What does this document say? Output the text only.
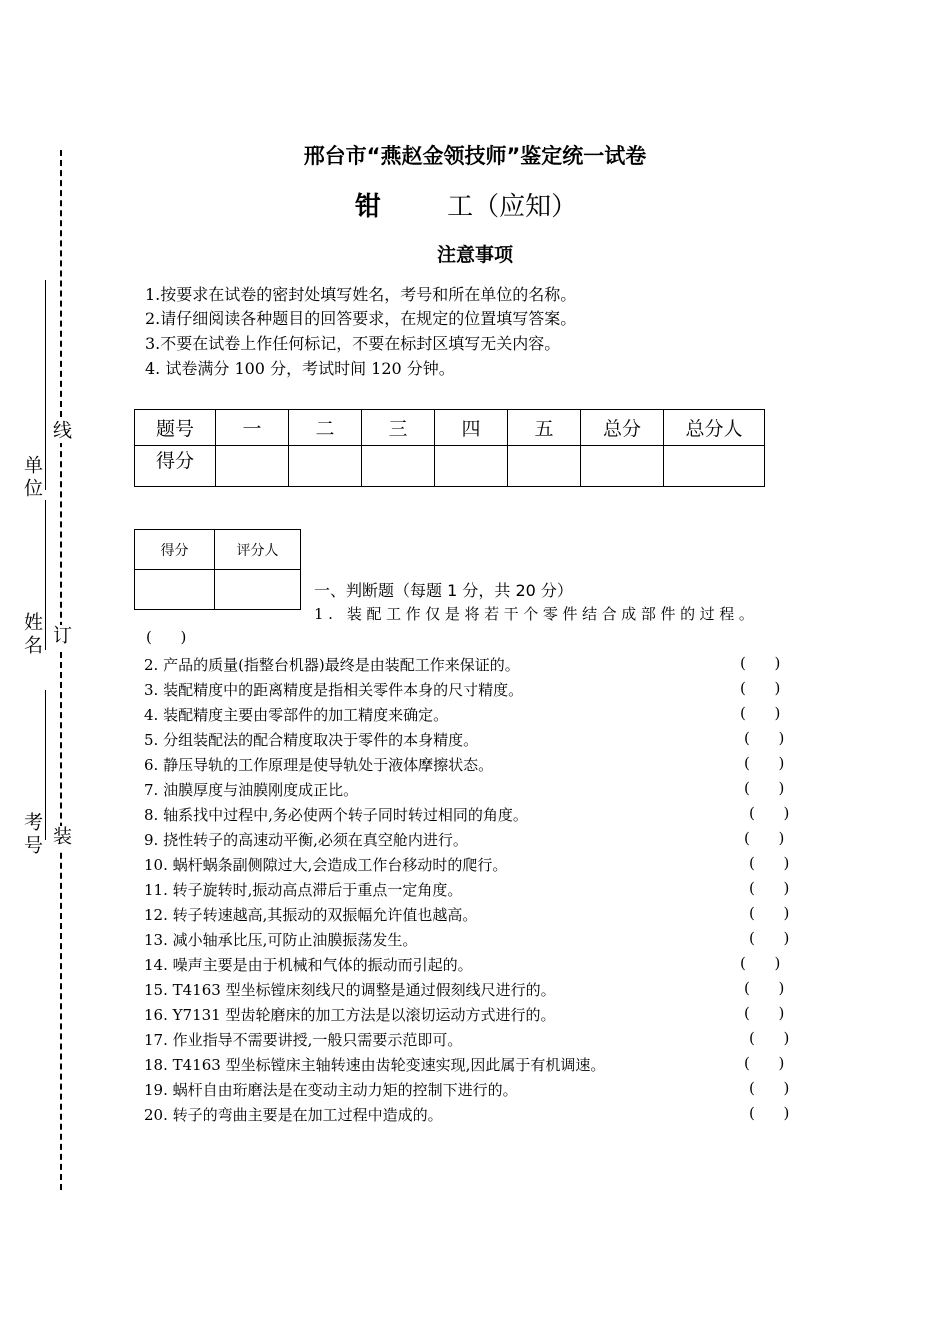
单位
姓名
考号
线
订
装
邢台市“燕赵金领技师”鉴定统一试卷
钳	工（应知）
注意事项
1.按要求在试卷的密封处填写姓名，考号和所在单位的名称。
2.请仔细阅读各种题目的回答要求，在规定的位置填写答案。
3.不要在试卷上作任何标记，不要在标封区填写无关内容。
4. 试卷满分 100 分，考试时间 120 分钟。
题号	一	二	三	四	五	总分	总分人
得分							
得分	评分人

一、判断题（每题 1 分，共 20 分）
1. 装配工作仅是将若干个零件结合成部件的过程。
(      )
2. 产品的质量(指整台机器)最终是由装配工作来保证的。	(      )
3. 装配精度中的距离精度是指相关零件本身的尺寸精度。	(      )
4. 装配精度主要由零部件的加工精度来确定。	(      )
5. 分组装配法的配合精度取决于零件的本身精度。	(      )
6. 静压导轨的工作原理是使导轨处于液体摩擦状态。	(      )
7. 油膜厚度与油膜刚度成正比。	(      )
8. 轴系找中过程中,务必使两个转子同时转过相同的角度。	(      )
9. 挠性转子的高速动平衡,必须在真空舱内进行。	(      )
10. 蜗杆蜗条副侧隙过大,会造成工作台移动时的爬行。	(      )
11. 转子旋转时,振动高点滞后于重点一定角度。	(      )
12. 转子转速越高,其振动的双振幅允许值也越高。	(      )
13. 减小轴承比压,可防止油膜振荡发生。	(      )
14. 噪声主要是由于机械和气体的振动而引起的。	(      )
15. T4163 型坐标镗床刻线尺的调整是通过假刻线尺进行的。	(      )
16. Y7131 型齿轮磨床的加工方法是以滚切运动方式进行的。	(      )
17. 作业指导不需要讲授,一般只需要示范即可。	(      )
18. T4163 型坐标镗床主轴转速由齿轮变速实现,因此属于有机调速。	(      )
19. 蜗杆自由珩磨法是在变动主动力矩的控制下进行的。	(      )
20. 转子的弯曲主要是在加工过程中造成的。	(      )
